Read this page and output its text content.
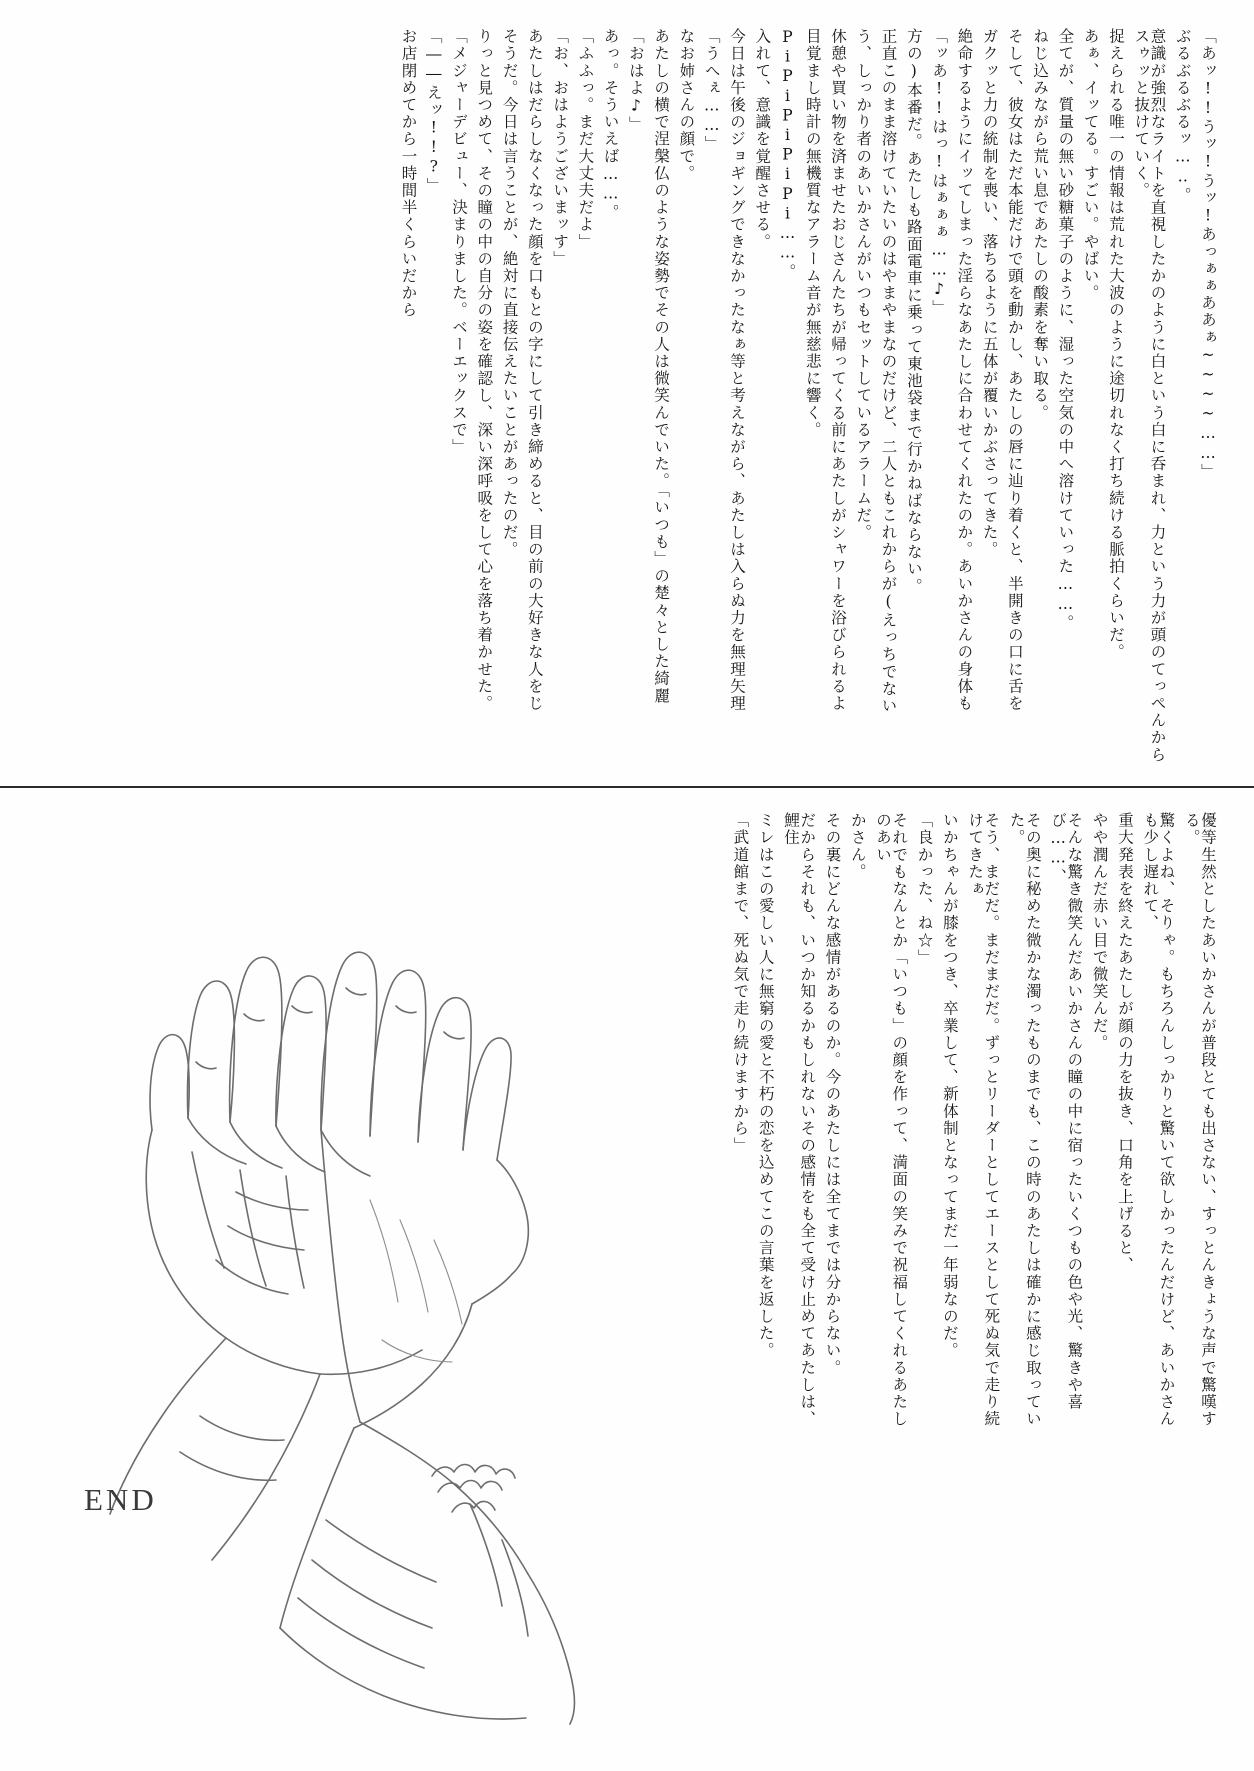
「あッ!!うッ!うッ!あっぁぁああぁ~~~~……」
ぶるぶるぶるッ…‥。
意識が強烈なライトを直視したかのように白という白に呑まれ、力という力が頭のてっぺんからスゥッと抜けていく。
捉えられる唯一の情報は荒れた大波のように途切れなく打ち続ける脈拍くらいだ。
あぁ、イッてる。すごい。やばい。
全てが、質量の無い砂糖菓子のように、湿った空気の中へ溶けていった……。
ねじ込みながら荒い息であたしの酸素を奪い取る。
そして、彼女はただ本能だけで頭を動かし、あたしの唇に辿り着くと、半開きの口に舌を
ガクッと力の統制を喪い、落ちるように五体が覆いかぶさってきた。
絶命するようにイッてしまった淫らなあたしに合わせてくれたのか。あいかさんの身体も
「ッあ!!はっ!はぁぁぁ……♪」
方の)本番だ。あたしも路面電車に乗って東池袋まで行かねばならない。
正直このまま溶けていたいのはやまやまなのだけど、二人ともこれからが(えっちでない
う、しっかり者のあいかさんがいつもセットしているアラームだ。
休憩や買い物を済ませたおじさんたちが帰ってくる前にあたしがシャワーを浴びられるよ
目覚まし時計の無機質なアラーム音が無慈悲に響く。
PiPiPiPiPi……。
入れて、意識を覚醒させる。
今日は午後のジョギングできなかったなぁ等と考えながら、あたしは入らぬ力を無理矢理
「うへぇ……」
なお姉さんの顔で。
あたしの横で涅槃仏のような姿勢でその人は微笑んでいた。「いつも」の楚々とした綺麗
「おはよ♪」
あっ。そういえば……。
「ふふっ。まだ大丈夫だよ」
「お、おはようございまッす」
あたしはだらしなくなった顔を口もとの字にして引き締めると、目の前の大好きな人をじ
そうだ。今日は言うことが、絶対に直接伝えたいことがあったのだ。
りっと見つめて、その瞳の中の自分の姿を確認し、深い深呼吸をして心を落ち着かせた。
「メジャーデビュー、決まりました。ベーエックスで」
「――えッ!!?」
お店閉めてから一時間半くらいだから
優等生然としたあいかさんが普段とても出さない、すっとんきょうな声で驚嘆する。
驚くよね、そりゃ。もちろんしっかりと驚いて欲しかったんだけど、あいかさんも少し遅れて、
重大発表を終えたあたしが顔の力を抜き、口角を上げると、
やや潤んだ赤い目で微笑んだ。
そんな驚き微笑んだあいかさんの瞳の中に宿ったいくつもの色や光、驚きや喜び……、
その奥に秘めた微かな濁ったものまでも、この時のあたしは確かに感じ取っていた。
そう、まだだ。まだまだだ。ずっとリーダーとしてエースとして死ぬ気で走り続けてきたぁ
いかちゃんが膝をつき、卒業して、新体制となってまだ一年弱なのだ。
「良かった、ね☆」
それでもなんとか「いつも」の顔を作って、満面の笑みで祝福してくれるあたしのあい
かさん。
その裏にどんな感情があるのか。今のあたしには全てまでは分からない。
だからそれも、いつか知るかもしれないその感情をも全て受け止めてあたしは、鯉住
ミレはこの愛しい人に無窮の愛と不朽の恋を込めてこの言葉を返した。
「武道館まで、死ぬ気で走り続けますから」
END
